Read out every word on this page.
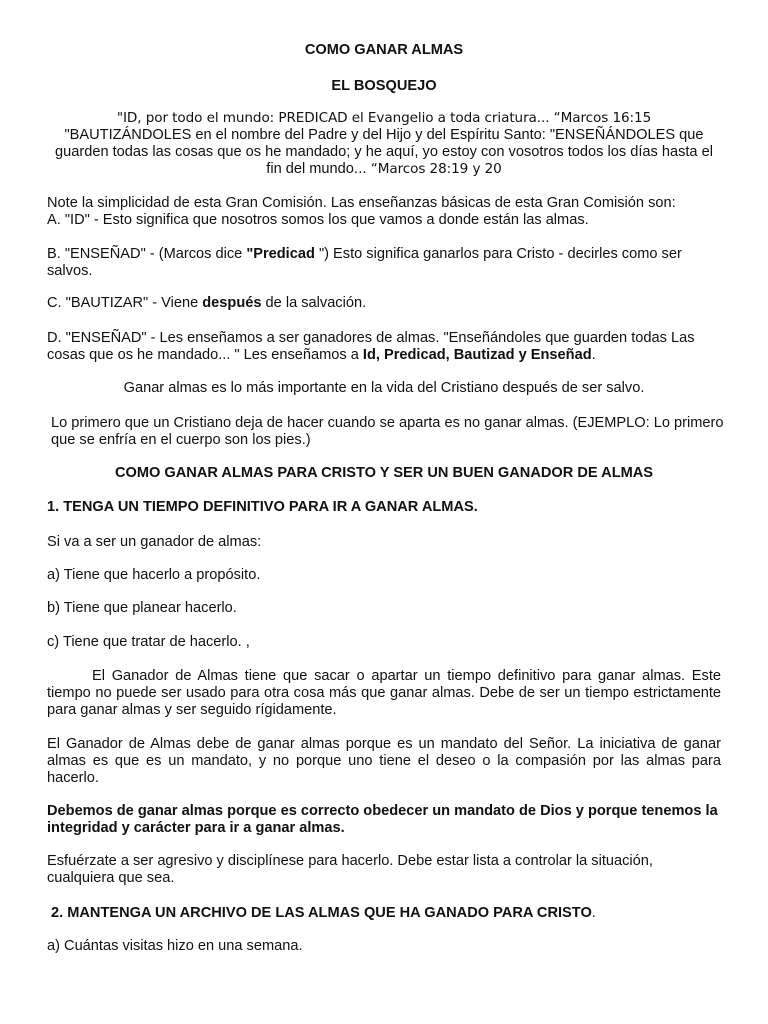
COMO GANAR ALMAS
EL BOSQUEJO
"ID, por todo el mundo: PREDICAD el Evangelio a toda criatura... “Marcos 16:15
"BAUTIZÁNDOLES en el nombre del Padre y del Hijo y del Espíritu Santo: "ENSEÑÁNDOLES que guarden todas las cosas que os he mandado; y he aquí, yo estoy con vosotros todos los días hasta el fin del mundo... “Marcos 28:19 y 20
Note la simplicidad de esta Gran Comisión. Las enseñanzas básicas de esta Gran Comisión son:
A. "ID" - Esto significa que nosotros somos los que vamos a donde están las almas.
B. "ENSEÑAD" - (Marcos dice "Predicad ") Esto significa ganarlos para Cristo - decirles como ser salvos.
C. "BAUTIZAR" - Viene después de la salvación.
D. "ENSEÑAD" - Les enseñamos a ser ganadores de almas. "Enseñándoles que guarden todas Las cosas que os he mandado... " Les enseñamos a Id, Predicad, Bautizad y Enseñad.
Ganar almas es lo más importante en la vida del Cristiano después de ser salvo.
Lo primero que un Cristiano deja de hacer cuando se aparta es no ganar almas. (EJEMPLO: Lo primero que se enfría en el cuerpo son los pies.)
COMO GANAR ALMAS PARA CRISTO Y SER UN BUEN GANADOR DE ALMAS
1. TENGA UN TIEMPO DEFINITIVO PARA IR A GANAR ALMAS.
Si va a ser un ganador de almas:
a) Tiene que hacerlo a propósito.
b) Tiene que planear hacerlo.
c) Tiene que tratar de hacerlo. ,
El Ganador de Almas tiene que sacar o apartar un tiempo definitivo para ganar almas. Este tiempo no puede ser usado para otra cosa más que ganar almas. Debe de ser un tiempo estrictamente para ganar almas y ser seguido rígidamente.
El Ganador de Almas debe de ganar almas porque es un mandato del Señor. La iniciativa de ganar almas es que es un mandato, y no porque uno tiene el deseo o la compasión por las almas para hacerlo.
Debemos de ganar almas porque es correcto obedecer un mandato de Dios y porque tenemos la integridad y carácter para ir a ganar almas.
Esfuérzate a ser agresivo y disciplínese para hacerlo. Debe estar lista a controlar la situación, cualquiera que sea.
2. MANTENGA UN ARCHIVO DE LAS ALMAS QUE HA GANADO PARA CRISTO.
a) Cuántas visitas hizo en una semana.
